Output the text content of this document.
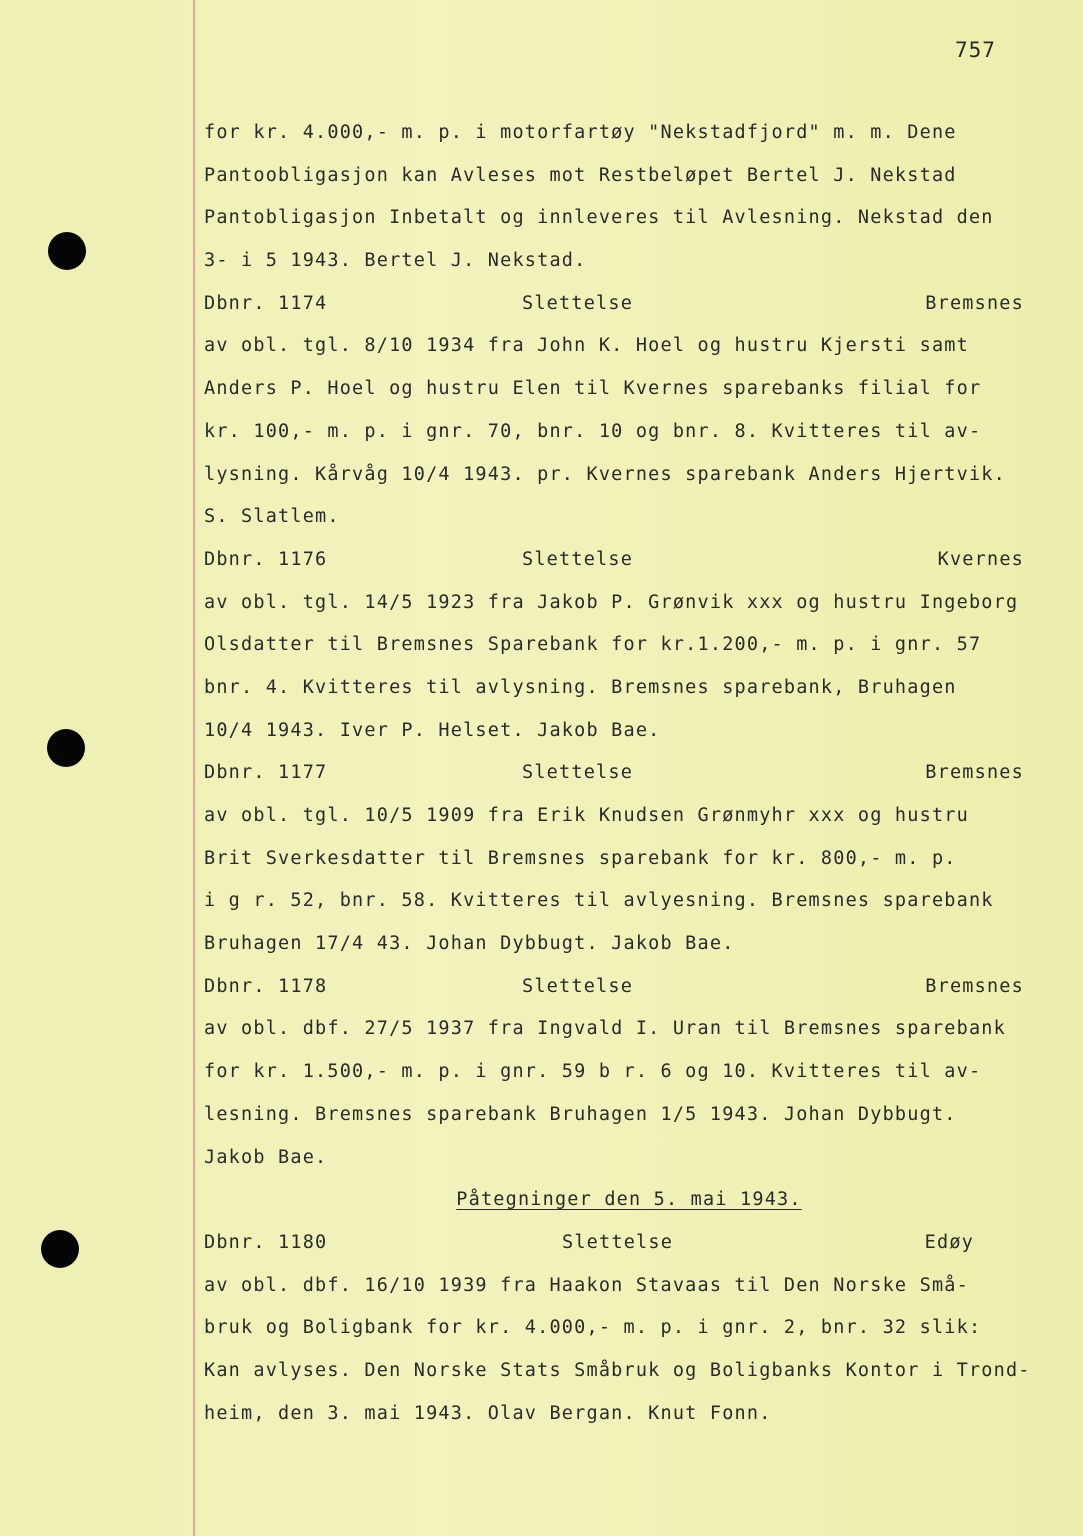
757
for kr. 4.000,- m. p. i motorfartøy "Nekstadfjord" m. m. Dene
Pantoobligasjon kan Avleses mot Restbeløpet Bertel J. Nekstad
Pantobligasjon Inbetalt og innleveres til Avlesning. Nekstad den
3- i 5 1943. Bertel J. Nekstad.
Dbnr. 1174	Slettelse	Bremsnes
av obl. tgl. 8/10 1934 fra John K. Hoel og hustru Kjersti samt
Anders P. Hoel og hustru Elen til Kvernes sparebanks filial for
kr. 100,- m. p. i gnr. 70, bnr. 10 og bnr. 8. Kvitteres til av-
lysning. Kårvåg 10/4 1943. pr. Kvernes sparebank Anders Hjertvik.
S. Slatlem.
Dbnr. 1176	Slettelse	Kvernes
av obl. tgl. 14/5 1923 fra Jakob P. Grønvik xxx og hustru Ingeborg
Olsdatter til Bremsnes Sparebank for kr.1.200,- m. p. i gnr. 57
bnr. 4. Kvitteres til avlysning. Bremsnes sparebank, Bruhagen
10/4 1943. Iver P. Helset. Jakob Bae.
Dbnr. 1177	Slettelse	Bremsnes
av obl. tgl. 10/5 1909 fra Erik Knudsen Grønmyhr xxx og hustru
Brit Sverkesdatter til Bremsnes sparebank for kr. 800,- m. p.
i g r. 52, bnr. 58. Kvitteres til avlyesning. Bremsnes sparebank
Bruhagen 17/4 43. Johan Dybbugt. Jakob Bae.
Dbnr. 1178	Slettelse	Bremsnes
av obl. dbf. 27/5 1937 fra Ingvald I. Uran til Bremsnes sparebank
for kr. 1.500,- m. p. i gnr. 59 b r. 6 og 10. Kvitteres til av-
lesning. Bremsnes sparebank Bruhagen 1/5 1943. Johan Dybbugt.
Jakob Bae.
Påtegninger den 5. mai 1943.
Dbnr. 1180	Slettelse	Edøy
av obl. dbf. 16/10 1939 fra Haakon Stavaas til Den Norske Små-
bruk og Boligbank for kr. 4.000,- m. p. i gnr. 2, bnr. 32 slik:
Kan avlyses. Den Norske Stats Småbruk og Boligbanks Kontor i Trond-
heim, den 3. mai 1943. Olav Bergan. Knut Fonn.
